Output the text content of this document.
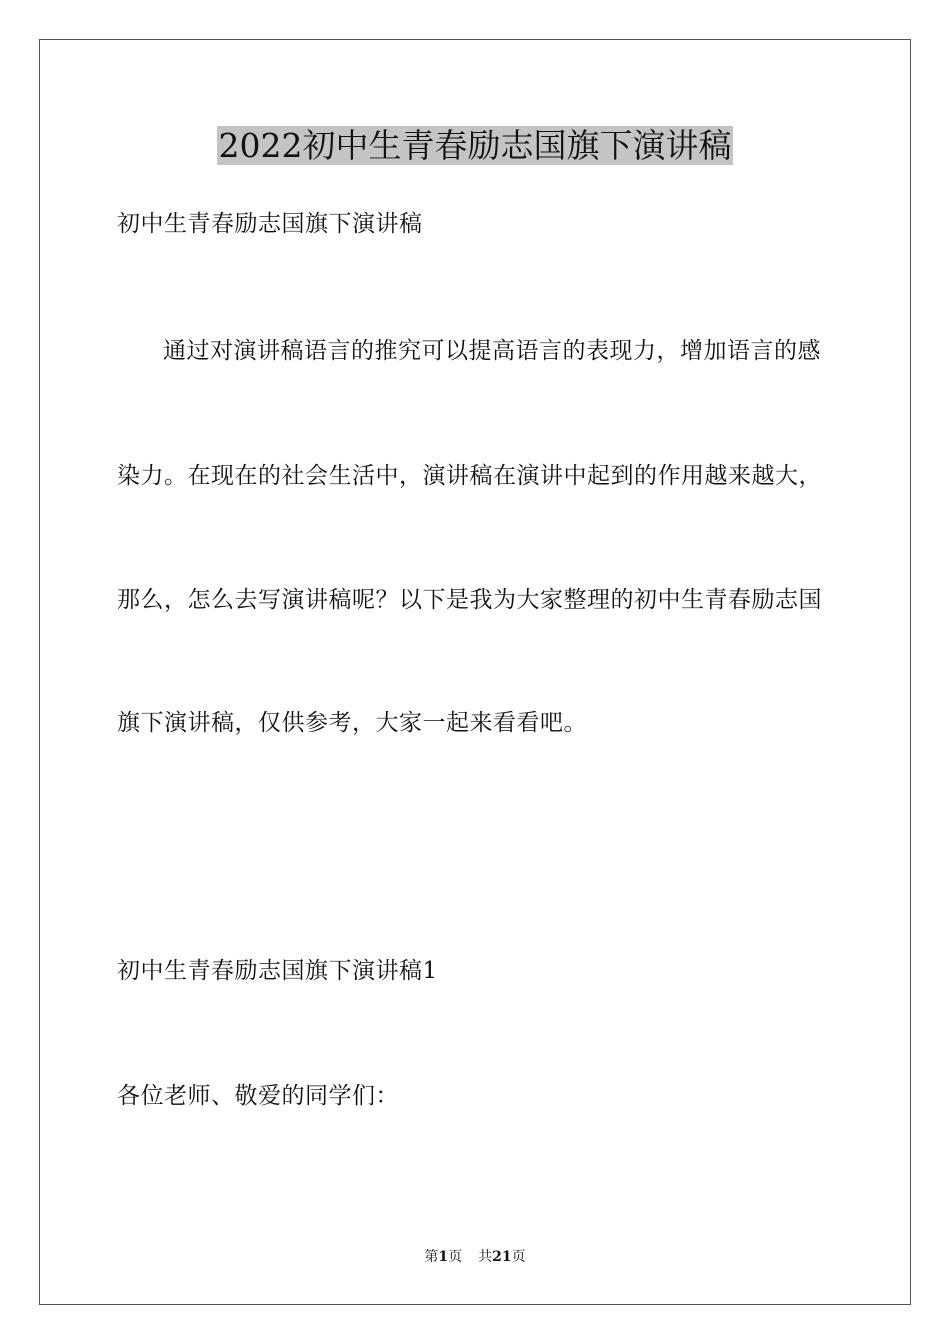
2022初中生青春励志国旗下演讲稿
初中生青春励志国旗下演讲稿
通过对演讲稿语言的推究可以提高语言的表现力，增加语言的感
染力。在现在的社会生活中，演讲稿在演讲中起到的作用越来越大，
那么，怎么去写演讲稿呢？以下是我为大家整理的初中生青春励志国
旗下演讲稿，仅供参考，大家一起来看看吧。
初中生青春励志国旗下演讲稿1
各位老师、敬爱的同学们：
第1页 共21页
